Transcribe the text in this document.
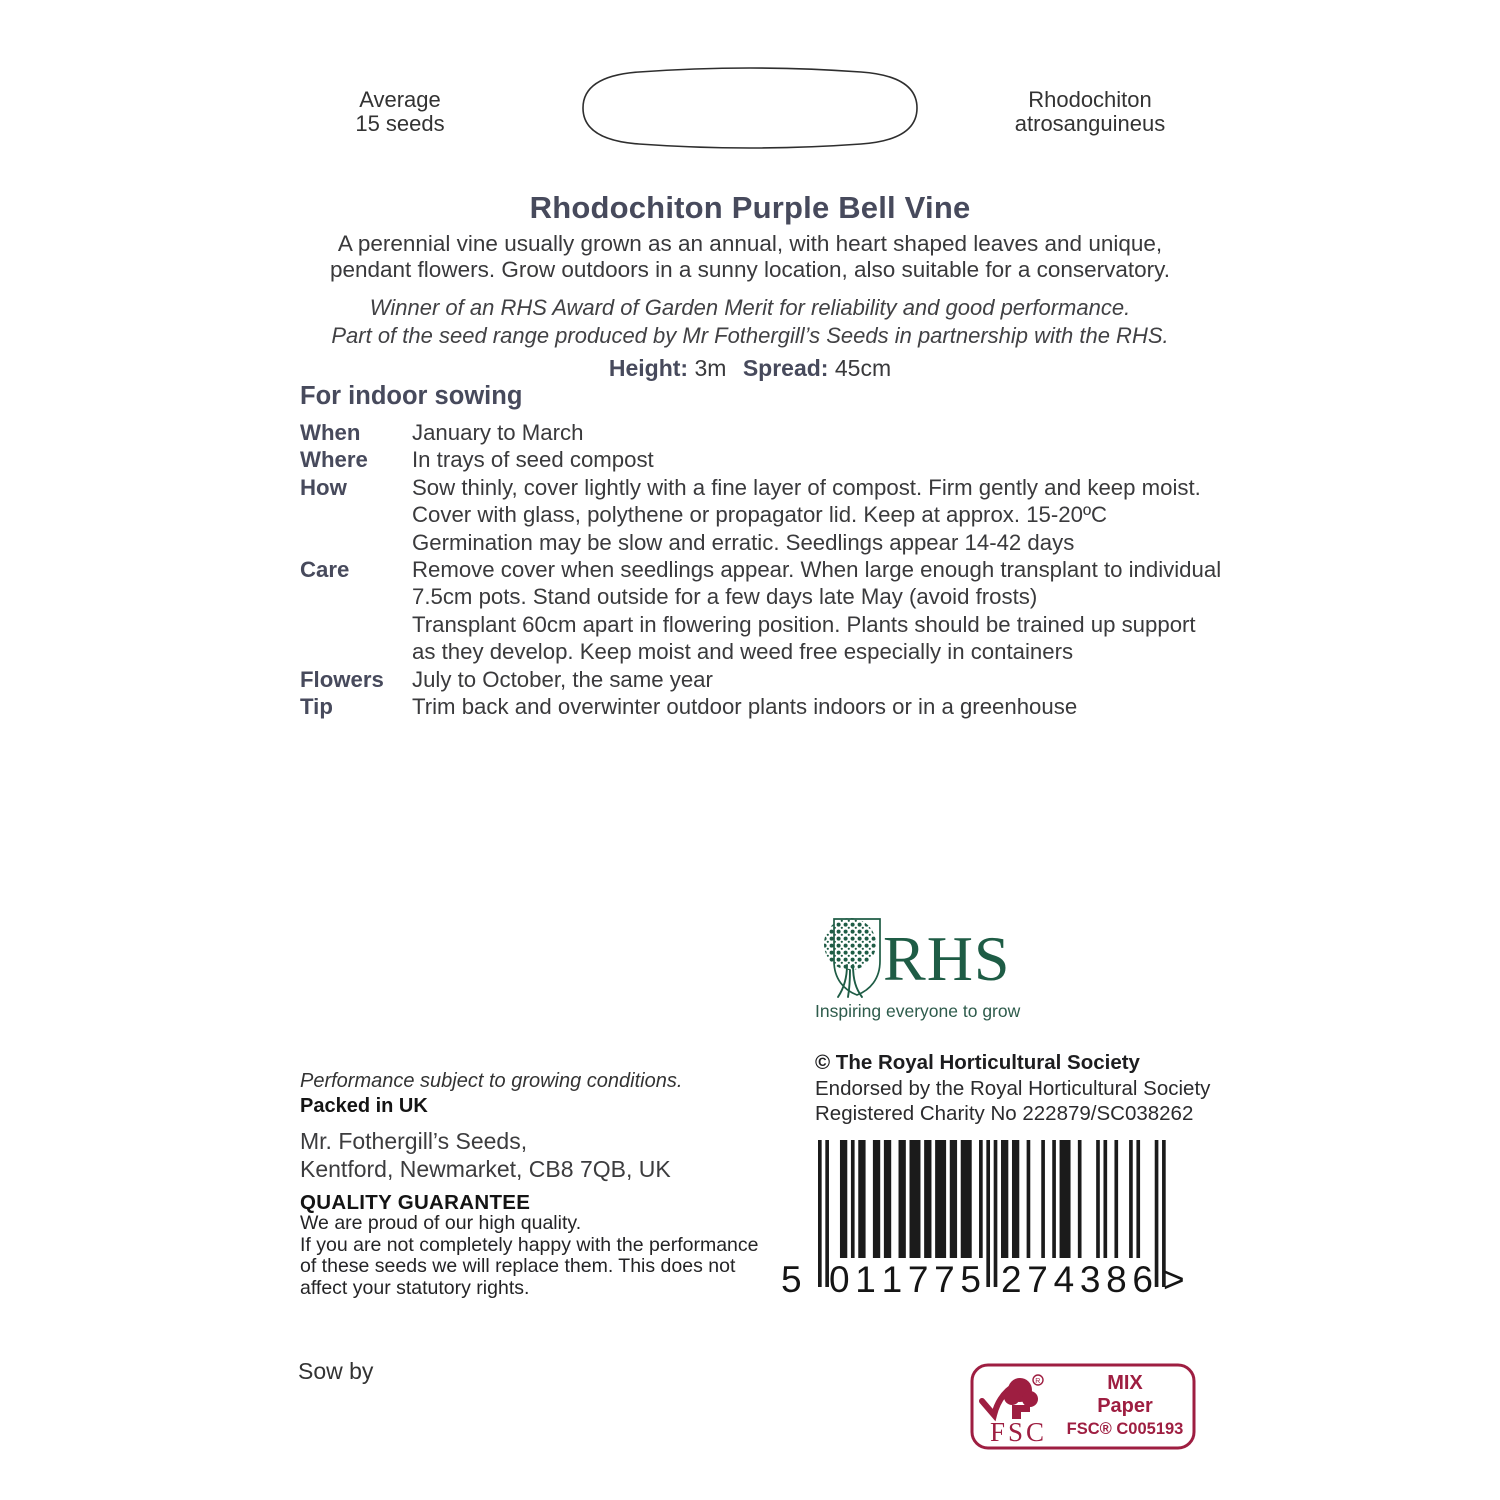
Average
15 seeds
Rhodochiton
atrosanguineus
Rhodochiton Purple Bell Vine
A perennial vine usually grown as an annual, with heart shaped leaves and unique, pendant flowers. Grow outdoors in a sunny location, also suitable for a conservatory.
Winner of an RHS Award of Garden Merit for reliability and good performance.
Part of the seed range produced by Mr Fothergill’s Seeds in partnership with the RHS.
Height: 3m Spread: 45cm
For indoor sowing
When	January to March
Where	In trays of seed compost
How	Sow thinly, cover lightly with a fine layer of compost. Firm gently and keep moist. Cover with glass, polythene or propagator lid. Keep at approx. 15-20ºC
Germination may be slow and erratic. Seedlings appear 14-42 days
Care	Remove cover when seedlings appear. When large enough transplant to individual 7.5cm pots. Stand outside for a few days late May (avoid frosts)
Transplant 60cm apart in flowering position. Plants should be trained up support as they develop. Keep moist and weed free especially in containers
Flowers	July to October, the same year
Tip	Trim back and overwinter outdoor plants indoors or in a greenhouse
RHS
Inspiring everyone to grow
© The Royal Horticultural Society
Endorsed by the Royal Horticultural Society
Registered Charity No 222879/SC038262
Performance subject to growing conditions.
Packed in UK
Mr. Fothergill’s Seeds,
Kentford, Newmarket, CB8 7QB, UK
QUALITY GUARANTEE
We are proud of our high quality.
If you are not completely happy with the performance of these seeds we will replace them. This does not affect your statutory rights.
Sow by
5 0 1 1 7 7 5 2 7 4 3 8 6 >
R
FSC
MIX
Paper
FSC® C005193
